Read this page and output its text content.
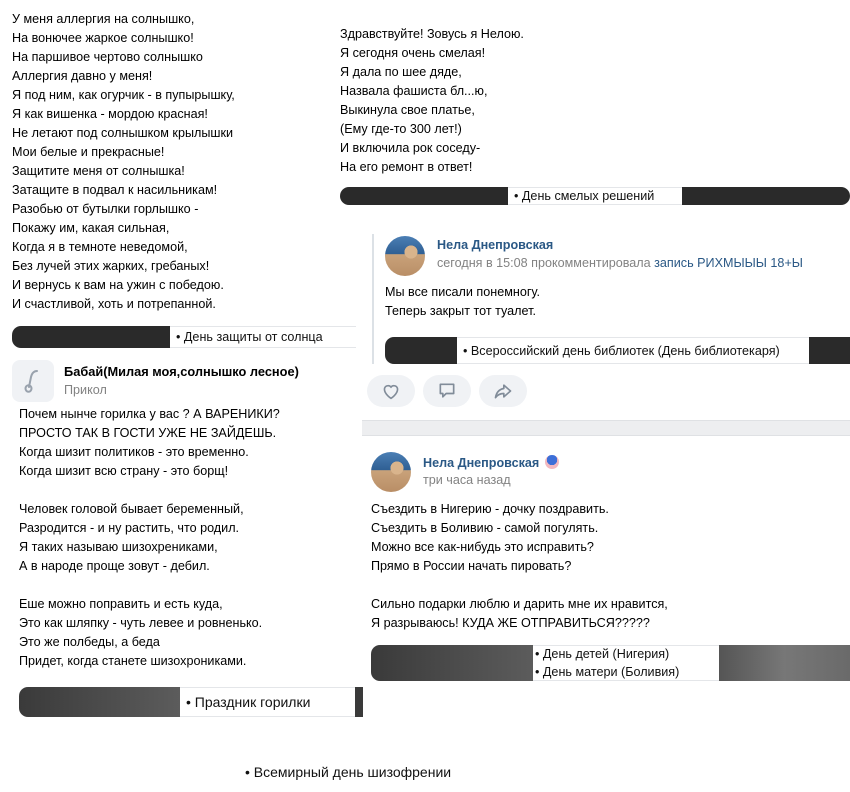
У меня аллергия на солнышко,
На вонючее жаркое солнышко!
На паршивое чертово солнышко
Аллергия давно у меня!
Я под ним, как огурчик - в пупырышку,
Я как вишенка - мордою красная!
Не летают под солнышком крылышки
Мои белые и прекрасные!
Защитите меня от солнышка!
Затащите в подвал к насильникам!
Разобью от бутылки горлышко -
Покажу им, какая сильная,
Когда я в темноте неведомой,
Без лучей этих жарких, гребаных!
И вернусь к вам на ужин с победою.
И счастливой, хоть и потрепанной.
• День защиты от солнца
Здравствуйте! Зовусь я Нелою.
Я сегодня очень смелая!
Я дала по шее дяде,
Назвала фашиста бл...ю,
Выкинула свое платье,
(Ему где-то 300 лет!)
И включила рок соседу-
На его ремонт в ответ!
• День смелых решений
Нела Днепровская
сегодня в 15:08 прокомментировала запись РИХМЫЫЫ 18+Ы
Мы все писали понемногу.
Теперь закрыт тот туалет.
• Всероссийский день библиотек (День библиотекаря)
Нела Днепровская
три часа назад
Съездить в Нигерию - дочку поздравить.
Съездить в Боливию - самой погулять.
Можно все как-нибудь это исправить?
Прямо в России начать пировать?
Сильно подарки люблю и дарить мне их нравится,
Я разрываюсь! КУДА ЖЕ ОТПРАВИТЬСЯ?????
• День детей (Нигерия)
• День матери (Боливия)
Бабай(Милая моя,солнышко лесное)
Прикол
Почем нынче горилка у вас ? А ВАРЕНИКИ?
ПРОСТО ТАК В ГОСТИ УЖЕ НЕ ЗАЙДЕШЬ.
Когда шизит политиков - это временно.
Когда шизит всю страну - это борщ!
Человек головой бывает беременный,
Разродится - и ну растить, что родил.
Я таких называю шизохрениками,
А в народе проще зовут - дебил.
Еше можно поправить и есть куда,
Это как шляпку - чуть левее и ровненько.
Это же полбеды, а беда
Придет, когда станете шизохрониками.
• Праздник горилки
• Всемирный день шизофрении
